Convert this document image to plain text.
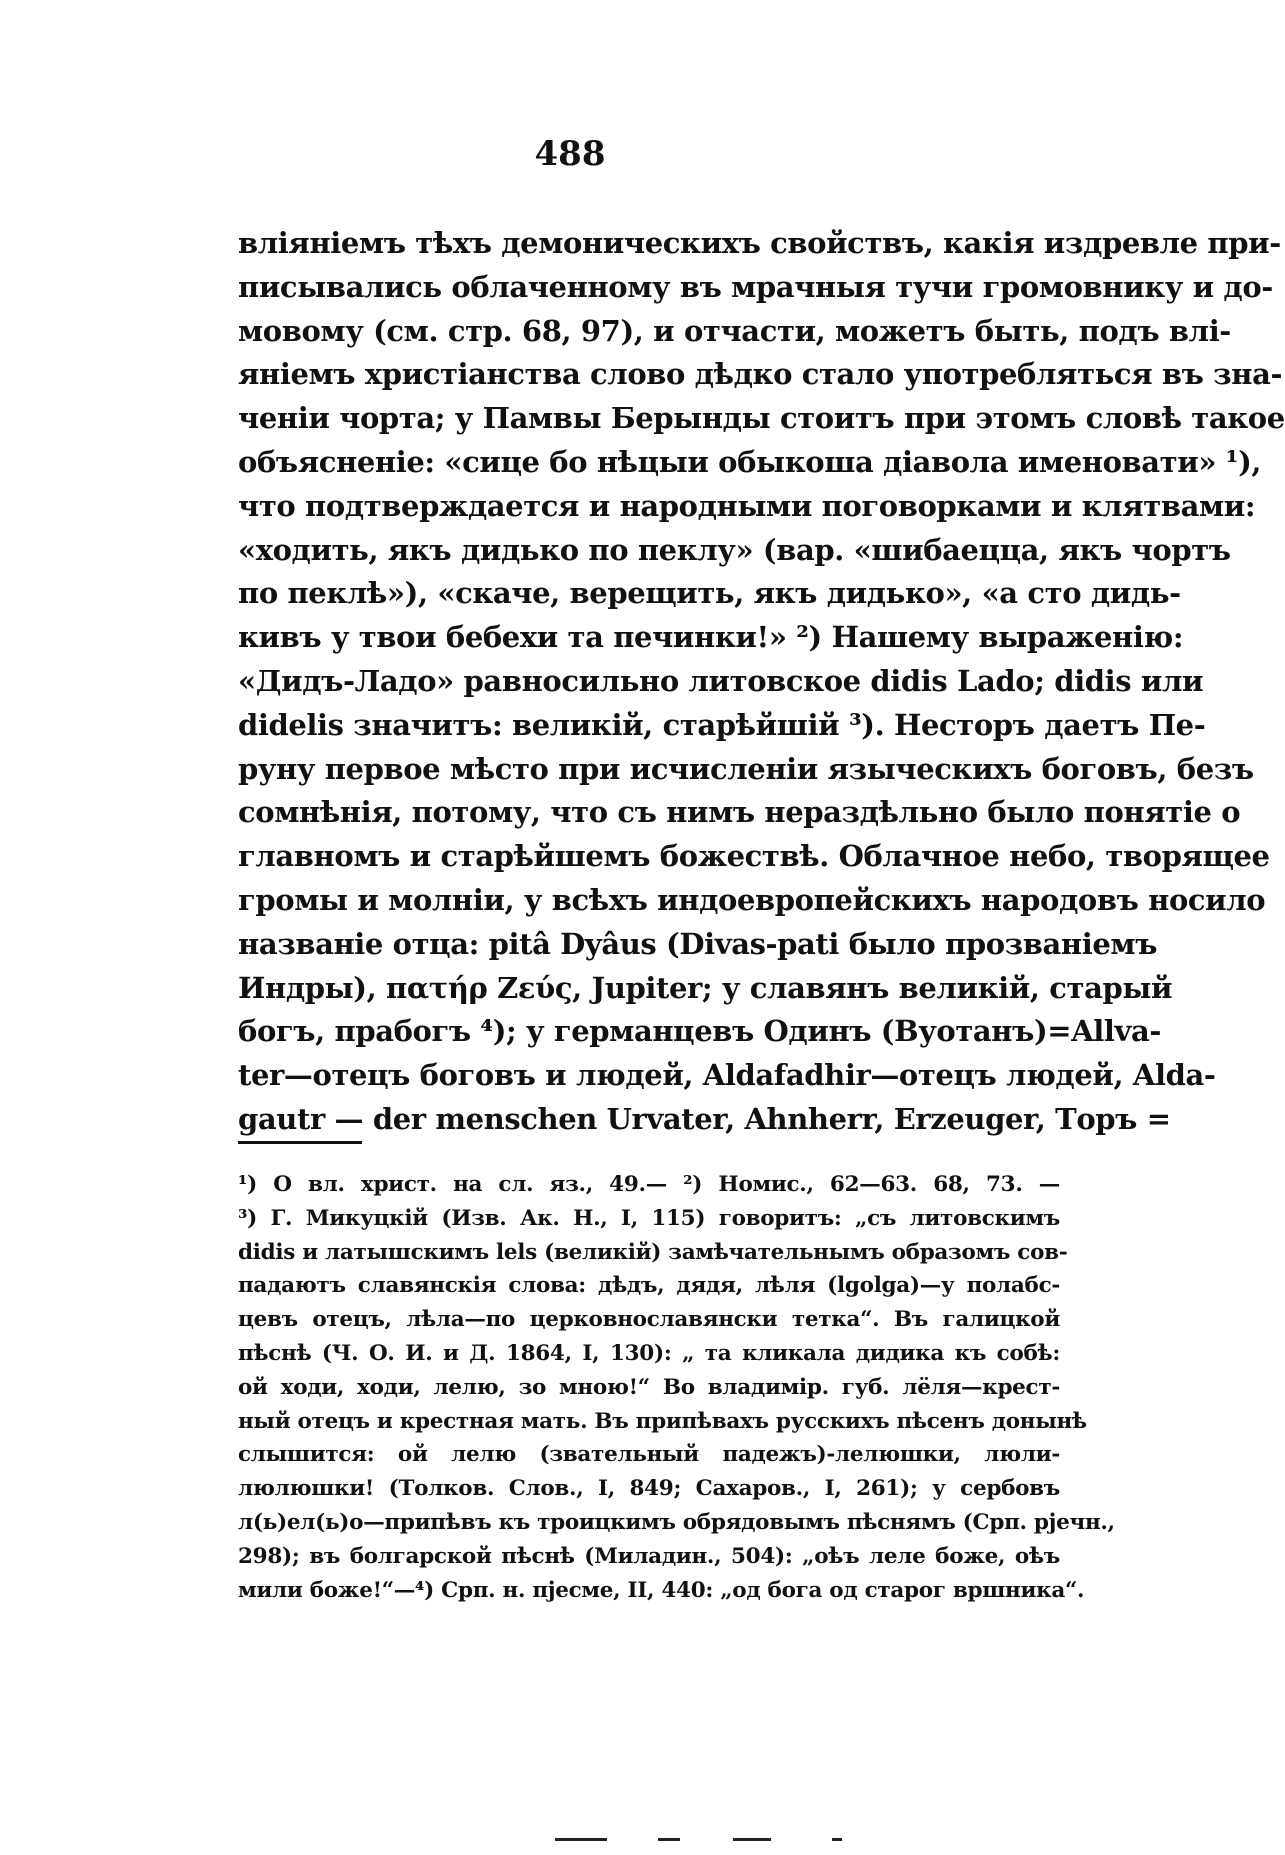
488
вліяніемъ тѣхъ демоническихъ свойствъ, какія издревле при-
писывались облаченному въ мрачныя тучи громовнику и до-
мовому (см. стр. 68, 97), и отчасти, можетъ быть, подъ влі-
яніемъ христіанства слово дѣдко стало употребляться въ зна-
ченіи чорта; у Памвы Берынды стоитъ при этомъ словѣ такое
объясненіе: «сице бо нѣцыи обыкоша діавола именовати» ¹),
что подтверждается и народными поговорками и клятвами:
«ходить, якъ дидько по пеклу» (вар. «шибаецца, якъ чортъ
по пеклѣ»), «скаче, верещить, якъ дидько», «а сто дидь-
кивъ у твои бебехи та печинки!» ²) Нашему выраженію:
«Дидъ-Ладо» равносильно литовское didis Lado; didis или
didelis значитъ: великій, старѣйшій ³). Несторъ даетъ Пе-
руну первое мѣсто при исчисленіи языческихъ боговъ, безъ
сомнѣнія, потому, что съ нимъ нераздѣльно было понятіе о
главномъ и старѣйшемъ божествѣ. Облачное небо, творящее
громы и молніи, у всѣхъ индоевропейскихъ народовъ носило
названіе отца: pitâ Dyâus (Divas-pati было прозваніемъ
Индры), πατήρ Ζεύς, Jupiter; у славянъ великій, старый
богъ, прабогъ ⁴); у германцевъ Одинъ (Вуотанъ)=Allva-
ter—отецъ боговъ и людей, Aldafadhir—отецъ людей, Alda-
gautr — der menschen Urvater, Ahnherr, Erzeuger, Торъ =
¹) О вл. христ. на сл. яз., 49.— ²) Номис., 62—63. 68, 73. —
³) Г. Микуцкій (Изв. Ак. Н., I, 115) говоритъ: „съ литовскимъ
didis и латышскимъ lels (великій) замѣчательнымъ образомъ сов-
падаютъ славянскія слова: дѣдъ, дядя, лѣля (lgolga)—у полабс-
цевъ отецъ, лѣла—по церковнославянски тетка“. Въ галицкой
пѣснѣ (Ч. О. И. и Д. 1864, I, 130): „ та кликала дидика къ собѣ:
ой ходи, ходи, лелю, зо мною!“ Во владимір. губ. лёля—крест-
ный отецъ и крестная мать. Въ припѣвахъ русскихъ пѣсенъ донынѣ
слышится: ой лелю (звательный падежъ)-лелюшки, люли-
люлюшки! (Толков. Слов., I, 849; Сахаров., I, 261); у сербовъ
л(ь)ел(ь)о—припѣвъ къ троицкимъ обрядовымъ пѣснямъ (Срп. рјечн.,
298); въ болгарской пѣснѣ (Миладин., 504): „оѣъ леле боже, оѣъ
мили боже!“—⁴) Срп. н. пјесме, II, 440: „од бога од старог вршника“.
